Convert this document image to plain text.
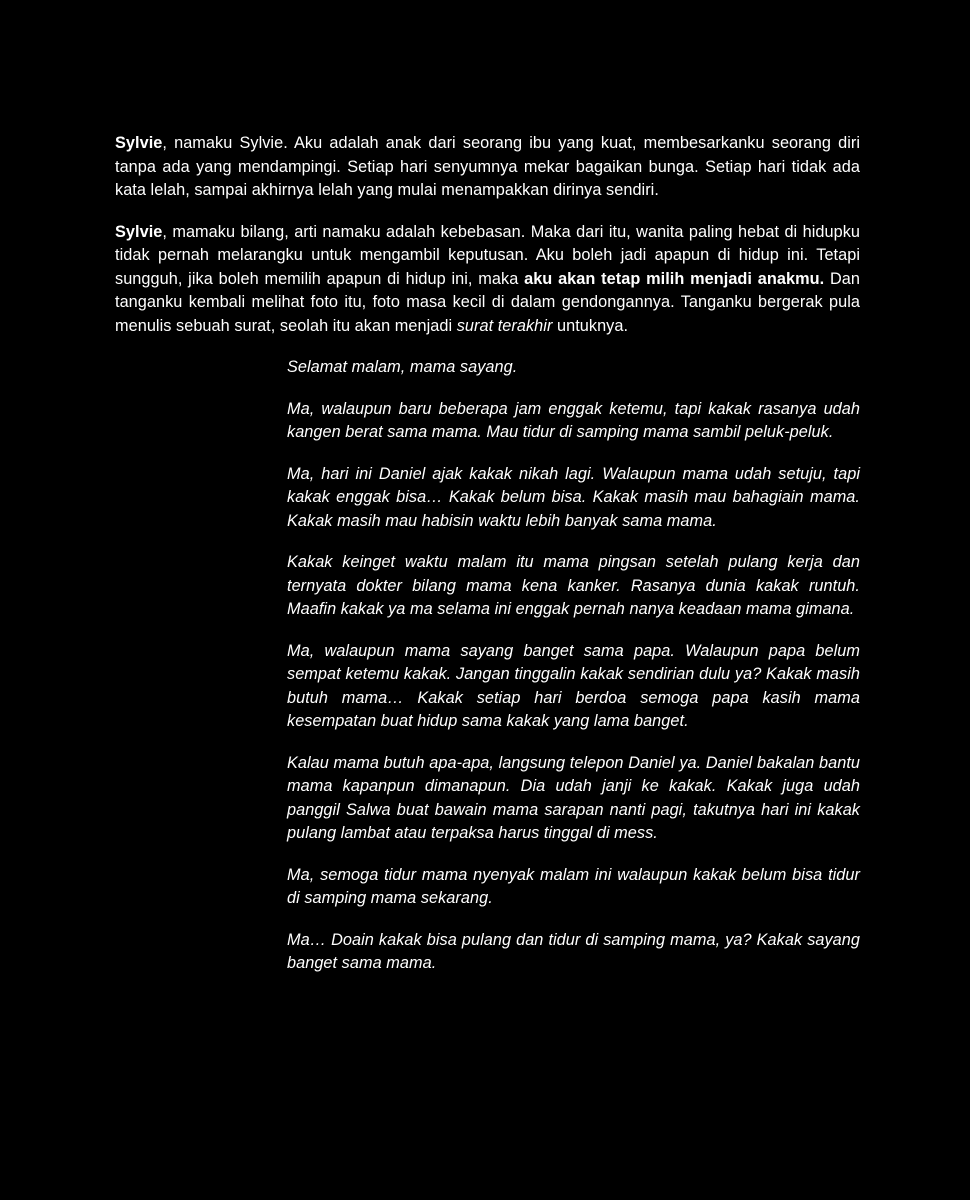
Sylvie, namaku Sylvie. Aku adalah anak dari seorang ibu yang kuat, membesarkanku seorang diri tanpa ada yang mendampingi. Setiap hari senyumnya mekar bagaikan bunga. Setiap hari tidak ada kata lelah, sampai akhirnya lelah yang mulai menampakkan dirinya sendiri.

Sylvie, mamaku bilang, arti namaku adalah kebebasan. Maka dari itu, wanita paling hebat di hidupku tidak pernah melarangku untuk mengambil keputusan. Aku boleh jadi apapun di hidup ini. Tetapi sungguh, jika boleh memilih apapun di hidup ini, maka aku akan tetap milih menjadi anakmu. Dan tanganku kembali melihat foto itu, foto masa kecil di dalam gendongannya. Tanganku bergerak pula menulis sebuah surat, seolah itu akan menjadi surat terakhir untuknya.

Selamat malam, mama sayang.

Ma, walaupun baru beberapa jam enggak ketemu, tapi kakak rasanya udah kangen berat sama mama. Mau tidur di samping mama sambil peluk-peluk.

Ma, hari ini Daniel ajak kakak nikah lagi. Walaupun mama udah setuju, tapi kakak enggak bisa… Kakak belum bisa. Kakak masih mau bahagiain mama. Kakak masih mau habisin waktu lebih banyak sama mama.

Kakak keinget waktu malam itu mama pingsan setelah pulang kerja dan ternyata dokter bilang mama kena kanker. Rasanya dunia kakak runtuh. Maafin kakak ya ma selama ini enggak pernah nanya keadaan mama gimana.

Ma, walaupun mama sayang banget sama papa. Walaupun papa belum sempat ketemu kakak. Jangan tinggalin kakak sendirian dulu ya? Kakak masih butuh mama… Kakak setiap hari berdoa semoga papa kasih mama kesempatan buat hidup sama kakak yang lama banget.

Kalau mama butuh apa-apa, langsung telepon Daniel ya. Daniel bakalan bantu mama kapanpun dimanapun. Dia udah janji ke kakak. Kakak juga udah panggil Salwa buat bawain mama sarapan nanti pagi, takutnya hari ini kakak pulang lambat atau terpaksa harus tinggal di mess.

Ma, semoga tidur mama nyenyak malam ini walaupun kakak belum bisa tidur di samping mama sekarang.

Ma… Doain kakak bisa pulang dan tidur di samping mama, ya? Kakak sayang banget sama mama.
